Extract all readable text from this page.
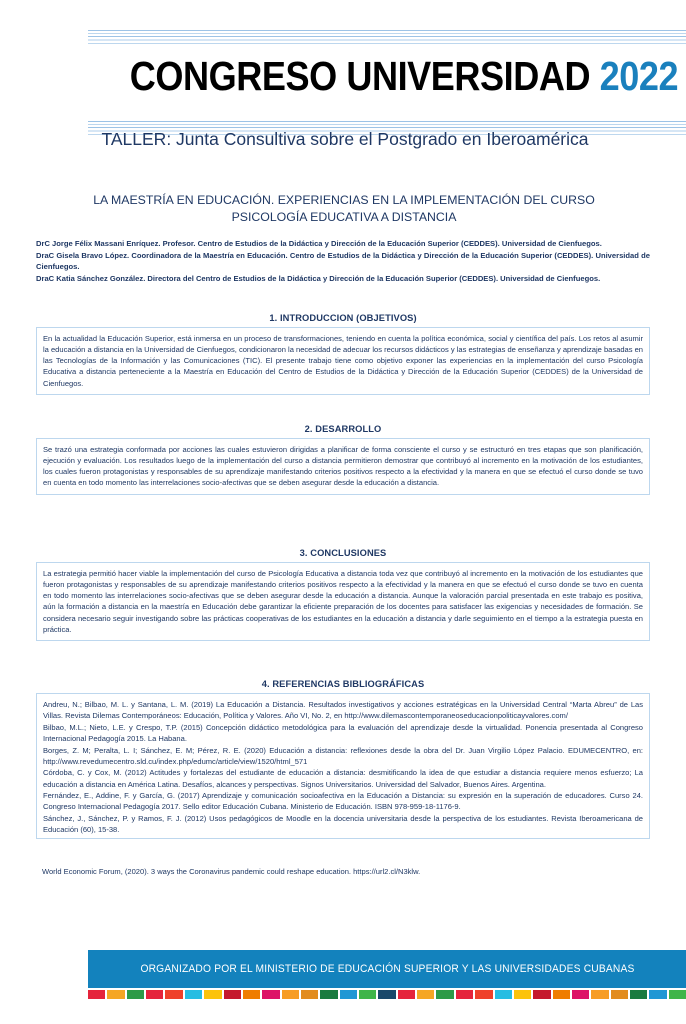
CONGRESO UNIVERSIDAD 2022
TALLER: Junta Consultiva sobre el Postgrado en Iberoamérica
LA MAESTRÍA EN EDUCACIÓN. EXPERIENCIAS EN LA IMPLEMENTACIÓN DEL CURSO PSICOLOGÍA EDUCATIVA A DISTANCIA

DrC Jorge Félix Massani Enríquez. Profesor. Centro de Estudios de la Didáctica y Dirección de la Educación Superior (CEDDES). Universidad de Cienfuegos.

DraC Gisela Bravo López. Coordinadora de la Maestría en Educación. Centro de Estudios de la Didáctica y Dirección de la Educación Superior (CEDDES). Universidad de Cienfuegos.

DraC Katia Sánchez González. Directora del Centro de Estudios de la Didáctica y Dirección de la Educación Superior (CEDDES). Universidad de Cienfuegos.

1. INTRODUCCION (OBJETIVOS)

En la actualidad la Educación Superior, está inmersa en un proceso de transformaciones, teniendo en cuenta la política económica, social y científica del país. Los retos al asumir la educación a distancia en la Universidad de Cienfuegos, condicionaron la necesidad de adecuar los recursos didácticos y las estrategias de enseñanza y aprendizaje basadas en las Tecnologías de la Información y las Comunicaciones (TIC). El presente trabajo tiene como objetivo exponer las experiencias en la implementación del curso Psicología Educativa a distancia perteneciente a la Maestría en Educación del Centro de Estudios de la Didáctica y Dirección de la Educación Superior (CEDDES) de la Universidad de Cienfuegos.

2. DESARROLLO

Se trazó una estrategia conformada por acciones las cuales estuvieron dirigidas a planificar de forma consciente el curso y se estructuró en tres etapas que son planificación, ejecución y evaluación. Los resultados luego de la implementación del curso a distancia permitieron demostrar que contribuyó al incremento en la motivación de los estudiantes, los cuales fueron protagonistas y responsables de su aprendizaje manifestando criterios positivos respecto a la efectividad y la manera en que se efectuó el curso donde se tuvo en cuenta en todo momento las interrelaciones socio-afectivas que se deben asegurar desde la educación a distancia.

3. CONCLUSIONES

La estrategia permitió hacer viable la implementación del curso de Psicología Educativa a distancia toda vez que contribuyó al incremento en la motivación de los estudiantes que fueron protagonistas y responsables de su aprendizaje manifestando criterios positivos respecto a la efectividad y la manera en que se efectuó el curso donde se tuvo en cuenta en todo momento las interrelaciones socio-afectivas que se deben asegurar desde la educación a distancia. Aunque la valoración parcial presentada en este trabajo es positiva, aún la formación a distancia en la maestría en Educación debe garantizar la eficiente preparación de los docentes para satisfacer las exigencias y necesidades de formación. Se considera necesario seguir investigando sobre las prácticas cooperativas de los estudiantes en la educación a distancia y darle seguimiento en el tiempo a la estrategia puesta en práctica.

4. REFERENCIAS BIBLIOGRÁFICAS
Andreu, N.; Bilbao, M. L. y Santana, L. M. (2019) La Educación a Distancia. Resultados investigativos y acciones estratégicas en la Universidad Central “Marta Abreu” de Las Villas. Revista Dilemas Contemporáneos: Educación, Política y Valores. Año VI, No. 2, en http://www.dilemascontemporaneoseducacionpoliticayvalores.com/
Bilbao, M.L.; Nieto, L.E. y Crespo, T.P. (2015) Concepción didáctico metodológica para la evaluación del aprendizaje desde la virtualidad. Ponencia presentada al Congreso Internacional Pedagogía 2015. La Habana.
Borges, Z. M; Peralta, L. I; Sánchez, E. M; Pérez, R. E. (2020) Educación a distancia: reflexiones desde la obra del Dr. Juan Virgilio López Palacio. EDUMECENTRO, en: http://www.revedumecentro.sld.cu/index.php/edumc/article/view/1520/html_571
Córdoba, C. y Cox, M. (2012) Actitudes y fortalezas del estudiante de educación a distancia: desmitificando la idea de que estudiar a distancia requiere menos esfuerzo; La educación a distancia en América Latina. Desafíos, alcances y perspectivas. Signos Universitarios. Universidad del Salvador, Buenos Aires. Argentina.
Fernández, E., Addine, F. y García, G. (2017) Aprendizaje y comunicación socioafectiva en la Educación a Distancia: su expresión en la superación de educadores. Curso 24. Congreso Internacional Pedagogía 2017. Sello editor Educación Cubana. Ministerio de Educación. ISBN 978-959-18-1176-9.
Sánchez, J., Sánchez, P. y Ramos, F. J. (2012) Usos pedagógicos de Moodle en la docencia universitaria desde la perspectiva de los estudiantes. Revista Iberoamericana de Educación (60), 15-38.
World Economic Forum, (2020). 3 ways the Coronavirus pandemic could reshape education. https://url2.cl/N3klw.
ORGANIZADO POR EL MINISTERIO DE EDUCACIÓN SUPERIOR Y LAS UNIVERSIDADES CUBANAS
